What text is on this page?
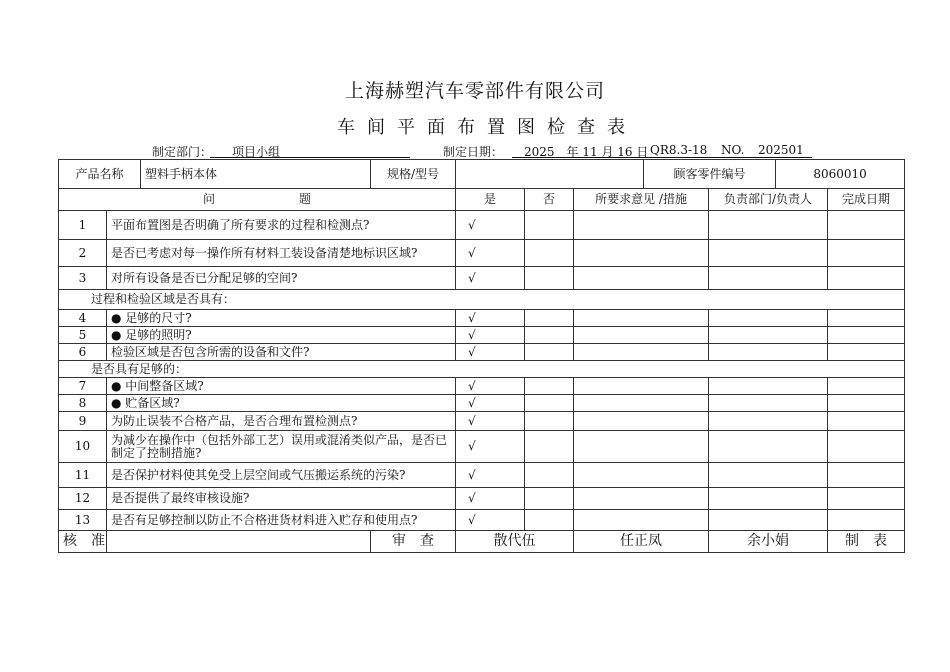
上海赫塑汽车零部件有限公司
车间平面布置图检查表
制定部门： 项目小组	制定日期： 2025　年 11 月 16 日 QR8.3-18 NO. 202501
产品名称		塑料手柄本体	规格/型号				顾客零件编号		8060010		
问　　　　　　　题				是	否	所要求意见 /措施		负责部门/负责人		完成日期	
1	平面布置图是否明确了所有要求的过程和检测点?			√							
2	是否已考虑对每一操作所有材料工装设备清楚地标识区域?			√							
3	对所有设备是否已分配足够的空间?			√							
过程和检验区域是否具有：											
4	● 足够的尺寸?			√							
5	● 足够的照明?			√							
6	检验区域是否包含所需的设备和文件?			√							
是否具有足够的：											
7	● 中间整备区域?			√							
8	● 贮备区域?			√							
9	为防止误装不合格产品，是否合理布置检测点?			√							
10	为减少在操作中（包括外部工艺）误用或混淆类似产品，是否已制定了控制措施?			√							
11	是否保护材料使其免受上层空间或气压搬运系统的污染?			√							
12	是否提供了最终审核设施?			√							
13	是否有足够控制以防止不合格进货材料进入贮存和使用点?			√							
核　准			审　查	散代伍		任正凤		余小娟		制　表	
